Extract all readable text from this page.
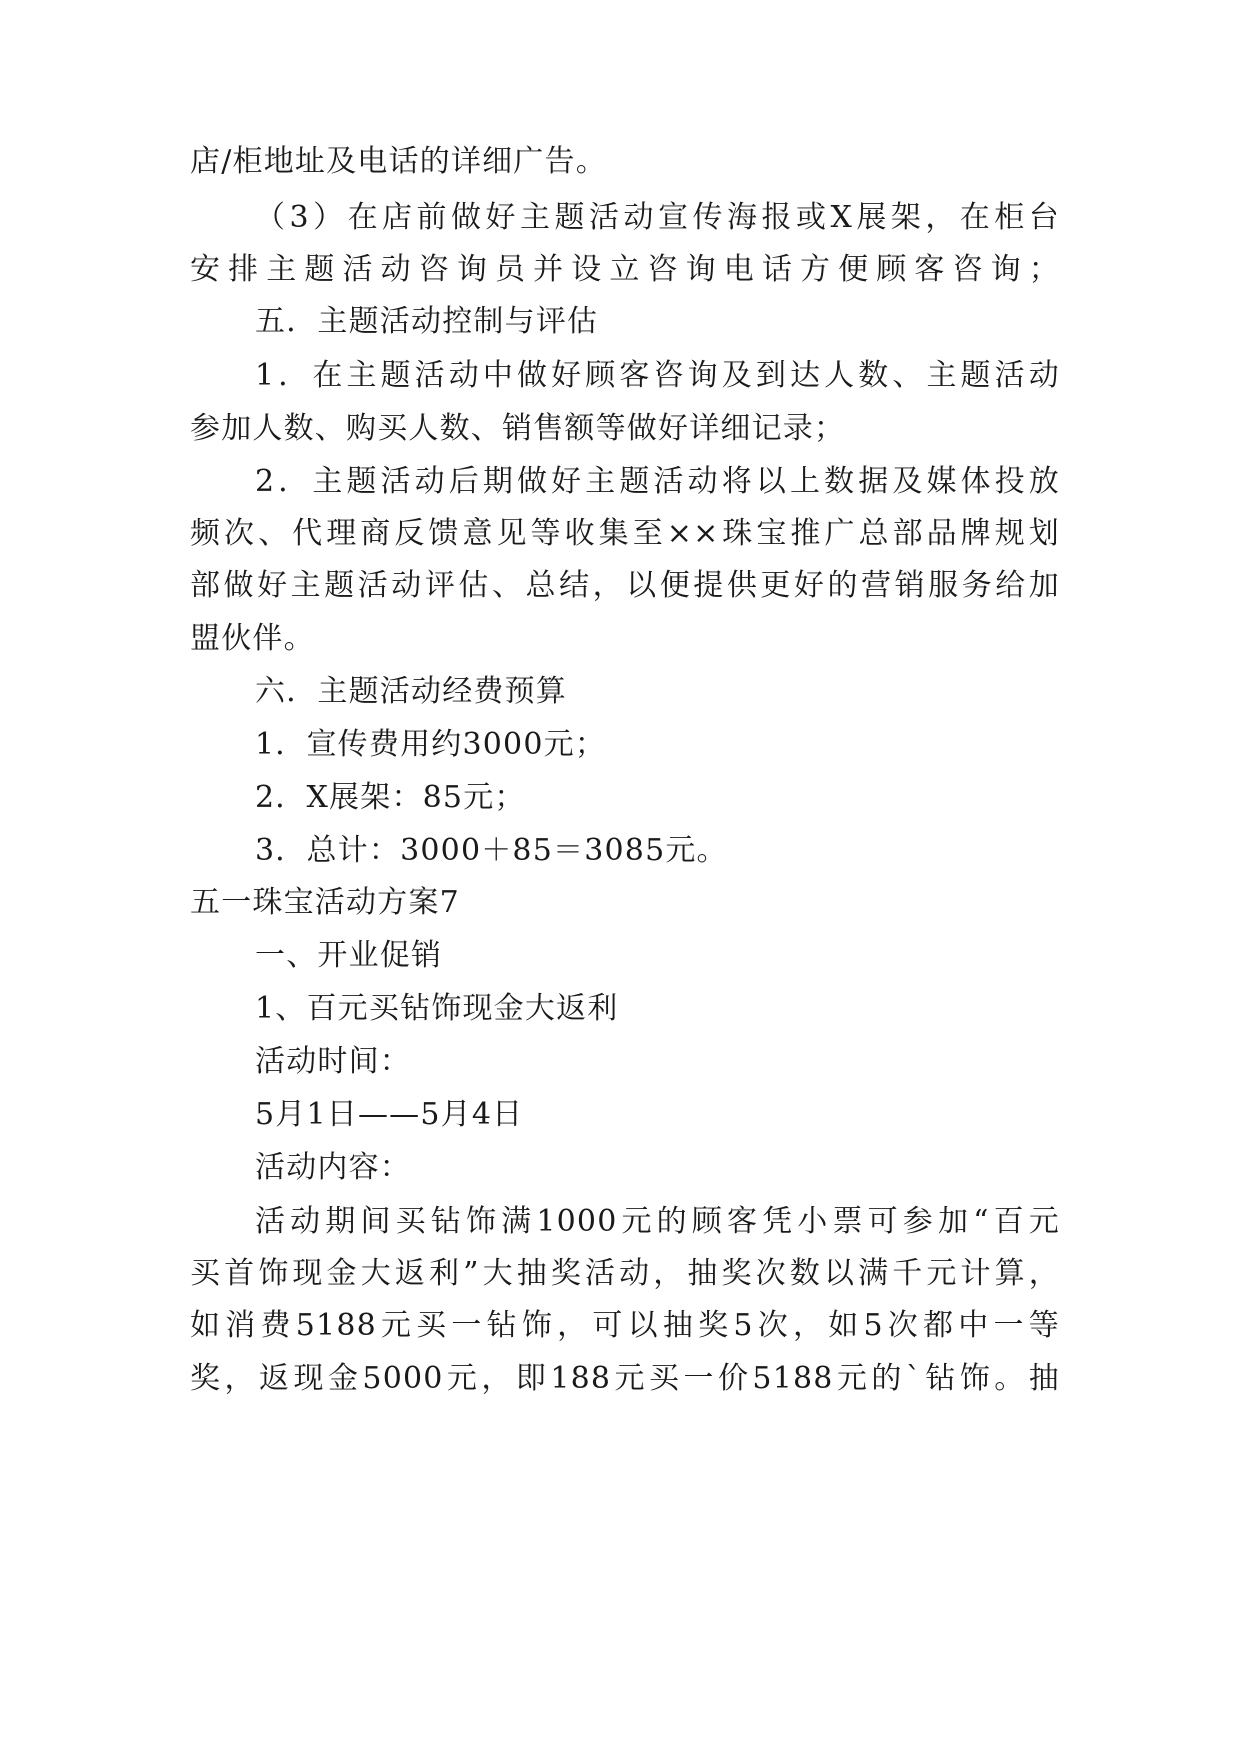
店/柜地址及电话的详细广告。
（3）在店前做好主题活动宣传海报或X展架，在柜台
安排主题活动咨询员并设立咨询电话方便顾客咨询；
五．主题活动控制与评估
1．在主题活动中做好顾客咨询及到达人数、主题活动
参加人数、购买人数、销售额等做好详细记录；
2．主题活动后期做好主题活动将以上数据及媒体投放
频次、代理商反馈意见等收集至××珠宝推广总部品牌规划
部做好主题活动评估、总结，以便提供更好的营销服务给加
盟伙伴。
六．主题活动经费预算
1．宣传费用约3000元；
2．X展架：85元；
3．总计：3000＋85＝3085元。
五一珠宝活动方案7
一、开业促销
1、百元买钻饰现金大返利
活动时间：
5月1日——5月4日
活动内容：
活动期间买钻饰满1000元的顾客凭小票可参加“百元
买首饰现金大返利”大抽奖活动，抽奖次数以满千元计算，
如消费5188元买一钻饰，可以抽奖5次，如5次都中一等
奖，返现金5000元，即188元买一价5188元的`钻饰。抽
